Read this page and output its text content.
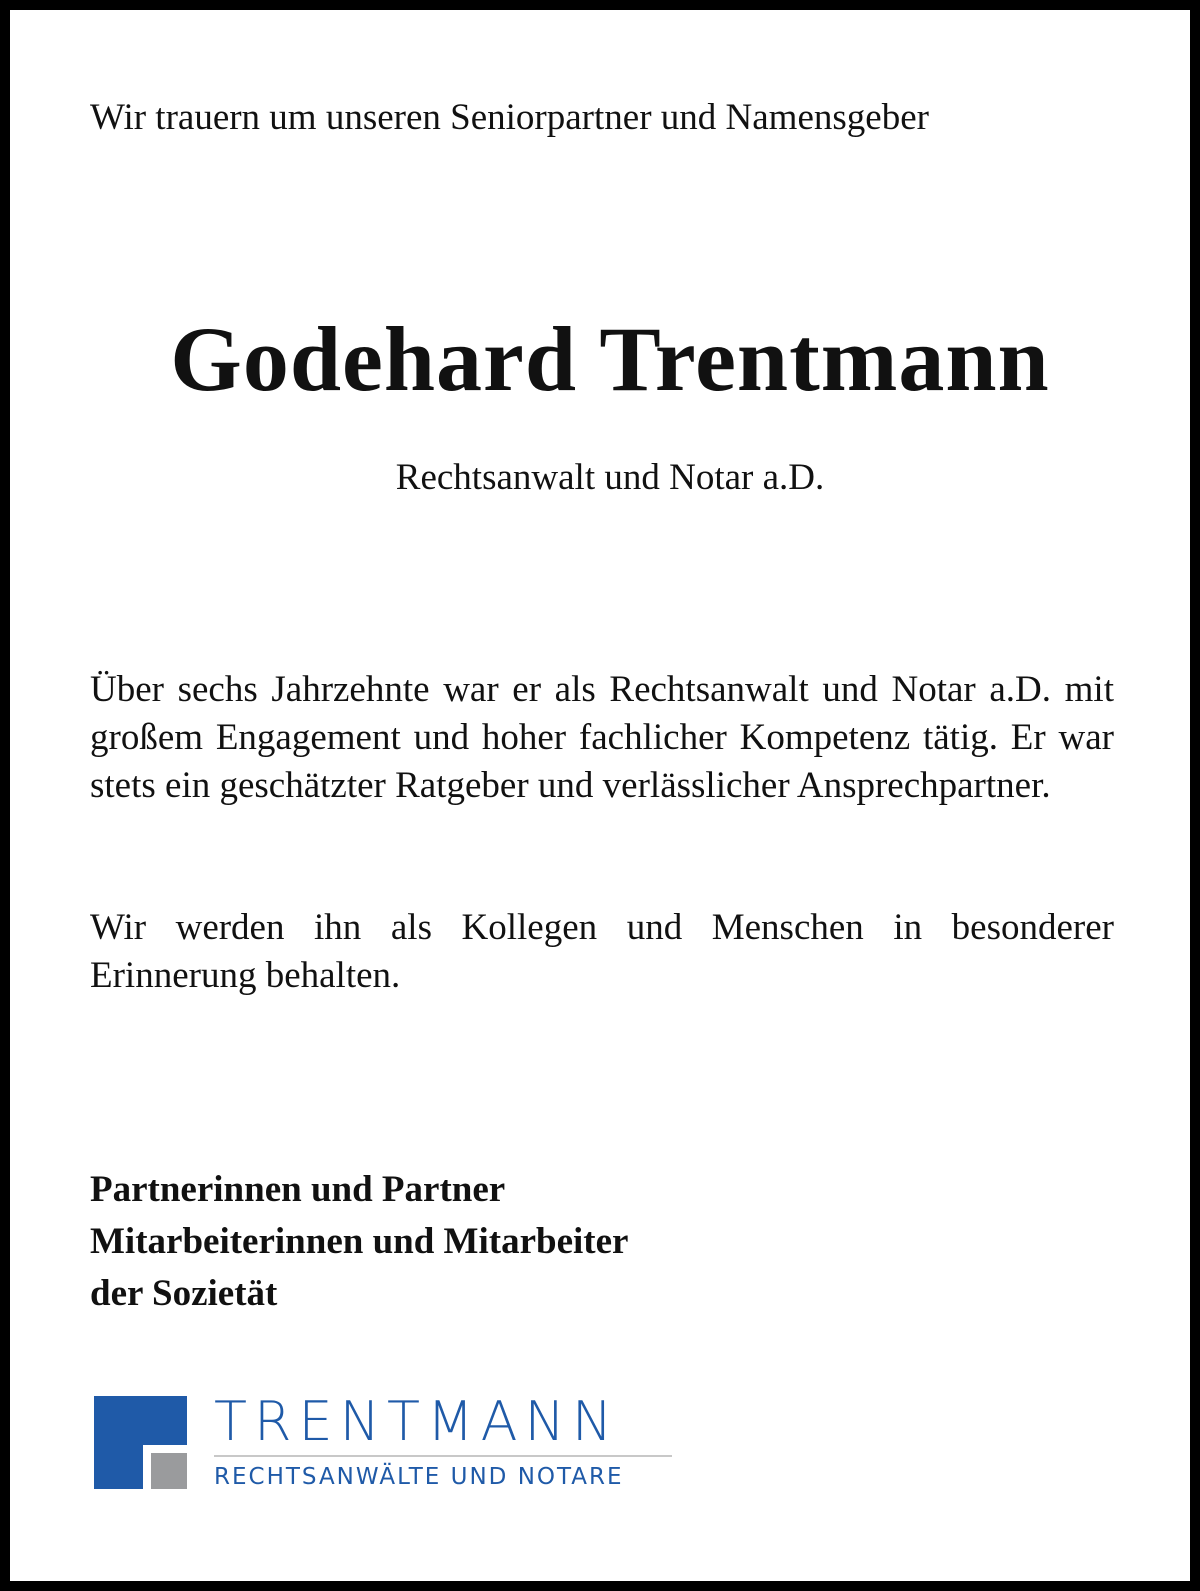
Wir trauern um unseren Seniorpartner und Namensgeber
Godehard Trentmann
Rechtsanwalt und Notar a.D.

Über sechs Jahrzehnte war er als Rechtsanwalt und Notar a.D. mit großem Engagement und hoher fachlicher Kompetenz tätig. Er war stets ein geschätzter Ratgeber und verlässlicher Ansprechpartner.

Wir werden ihn als Kollegen und Menschen in besonderer Erinnerung behalten.

Partnerinnen und Partner
Mitarbeiterinnen und Mitarbeiter
der Sozietät
TRENTMANN
RECHTSANWÄLTE UND NOTARE
